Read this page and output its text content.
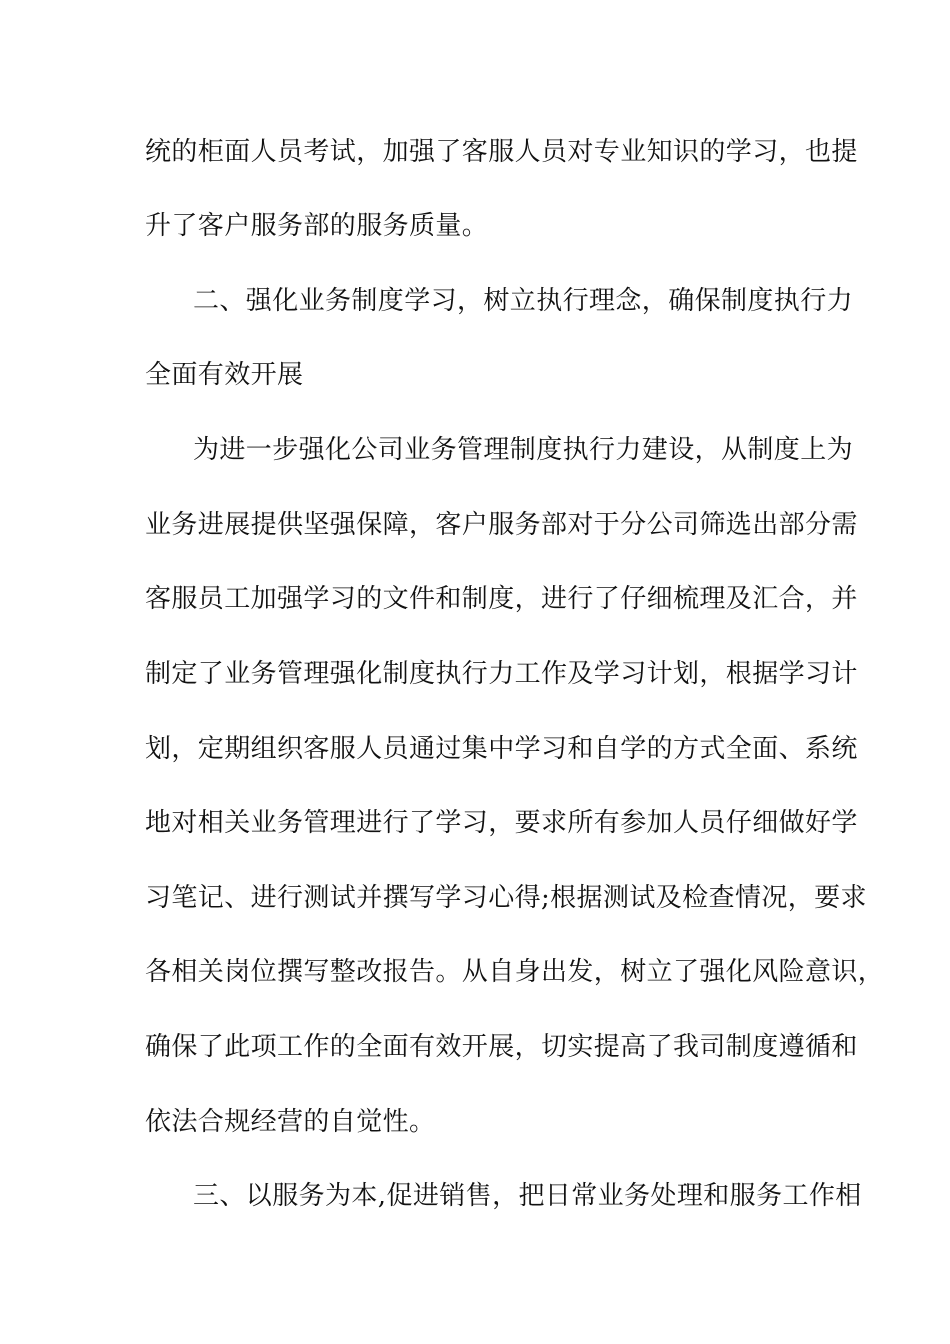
统的柜面人员考试，加强了客服人员对专业知识的学习，也提
升了客户服务部的服务质量。
二、强化业务制度学习，树立执行理念，确保制度执行力
全面有效开展
为进一步强化公司业务管理制度执行力建设，从制度上为
业务进展提供坚强保障，客户服务部对于分公司筛选出部分需
客服员工加强学习的文件和制度，进行了仔细梳理及汇合，并
制定了业务管理强化制度执行力工作及学习计划，根据学习计
划，定期组织客服人员通过集中学习和自学的方式全面、系统
地对相关业务管理进行了学习，要求所有参加人员仔细做好学
习笔记、进行测试并撰写学习心得;根据测试及检查情况，要求
各相关岗位撰写整改报告。从自身出发，树立了强化风险意识，
确保了此项工作的全面有效开展，切实提高了我司制度遵循和
依法合规经营的自觉性。
三、以服务为本,促进销售，把日常业务处理和服务工作相
